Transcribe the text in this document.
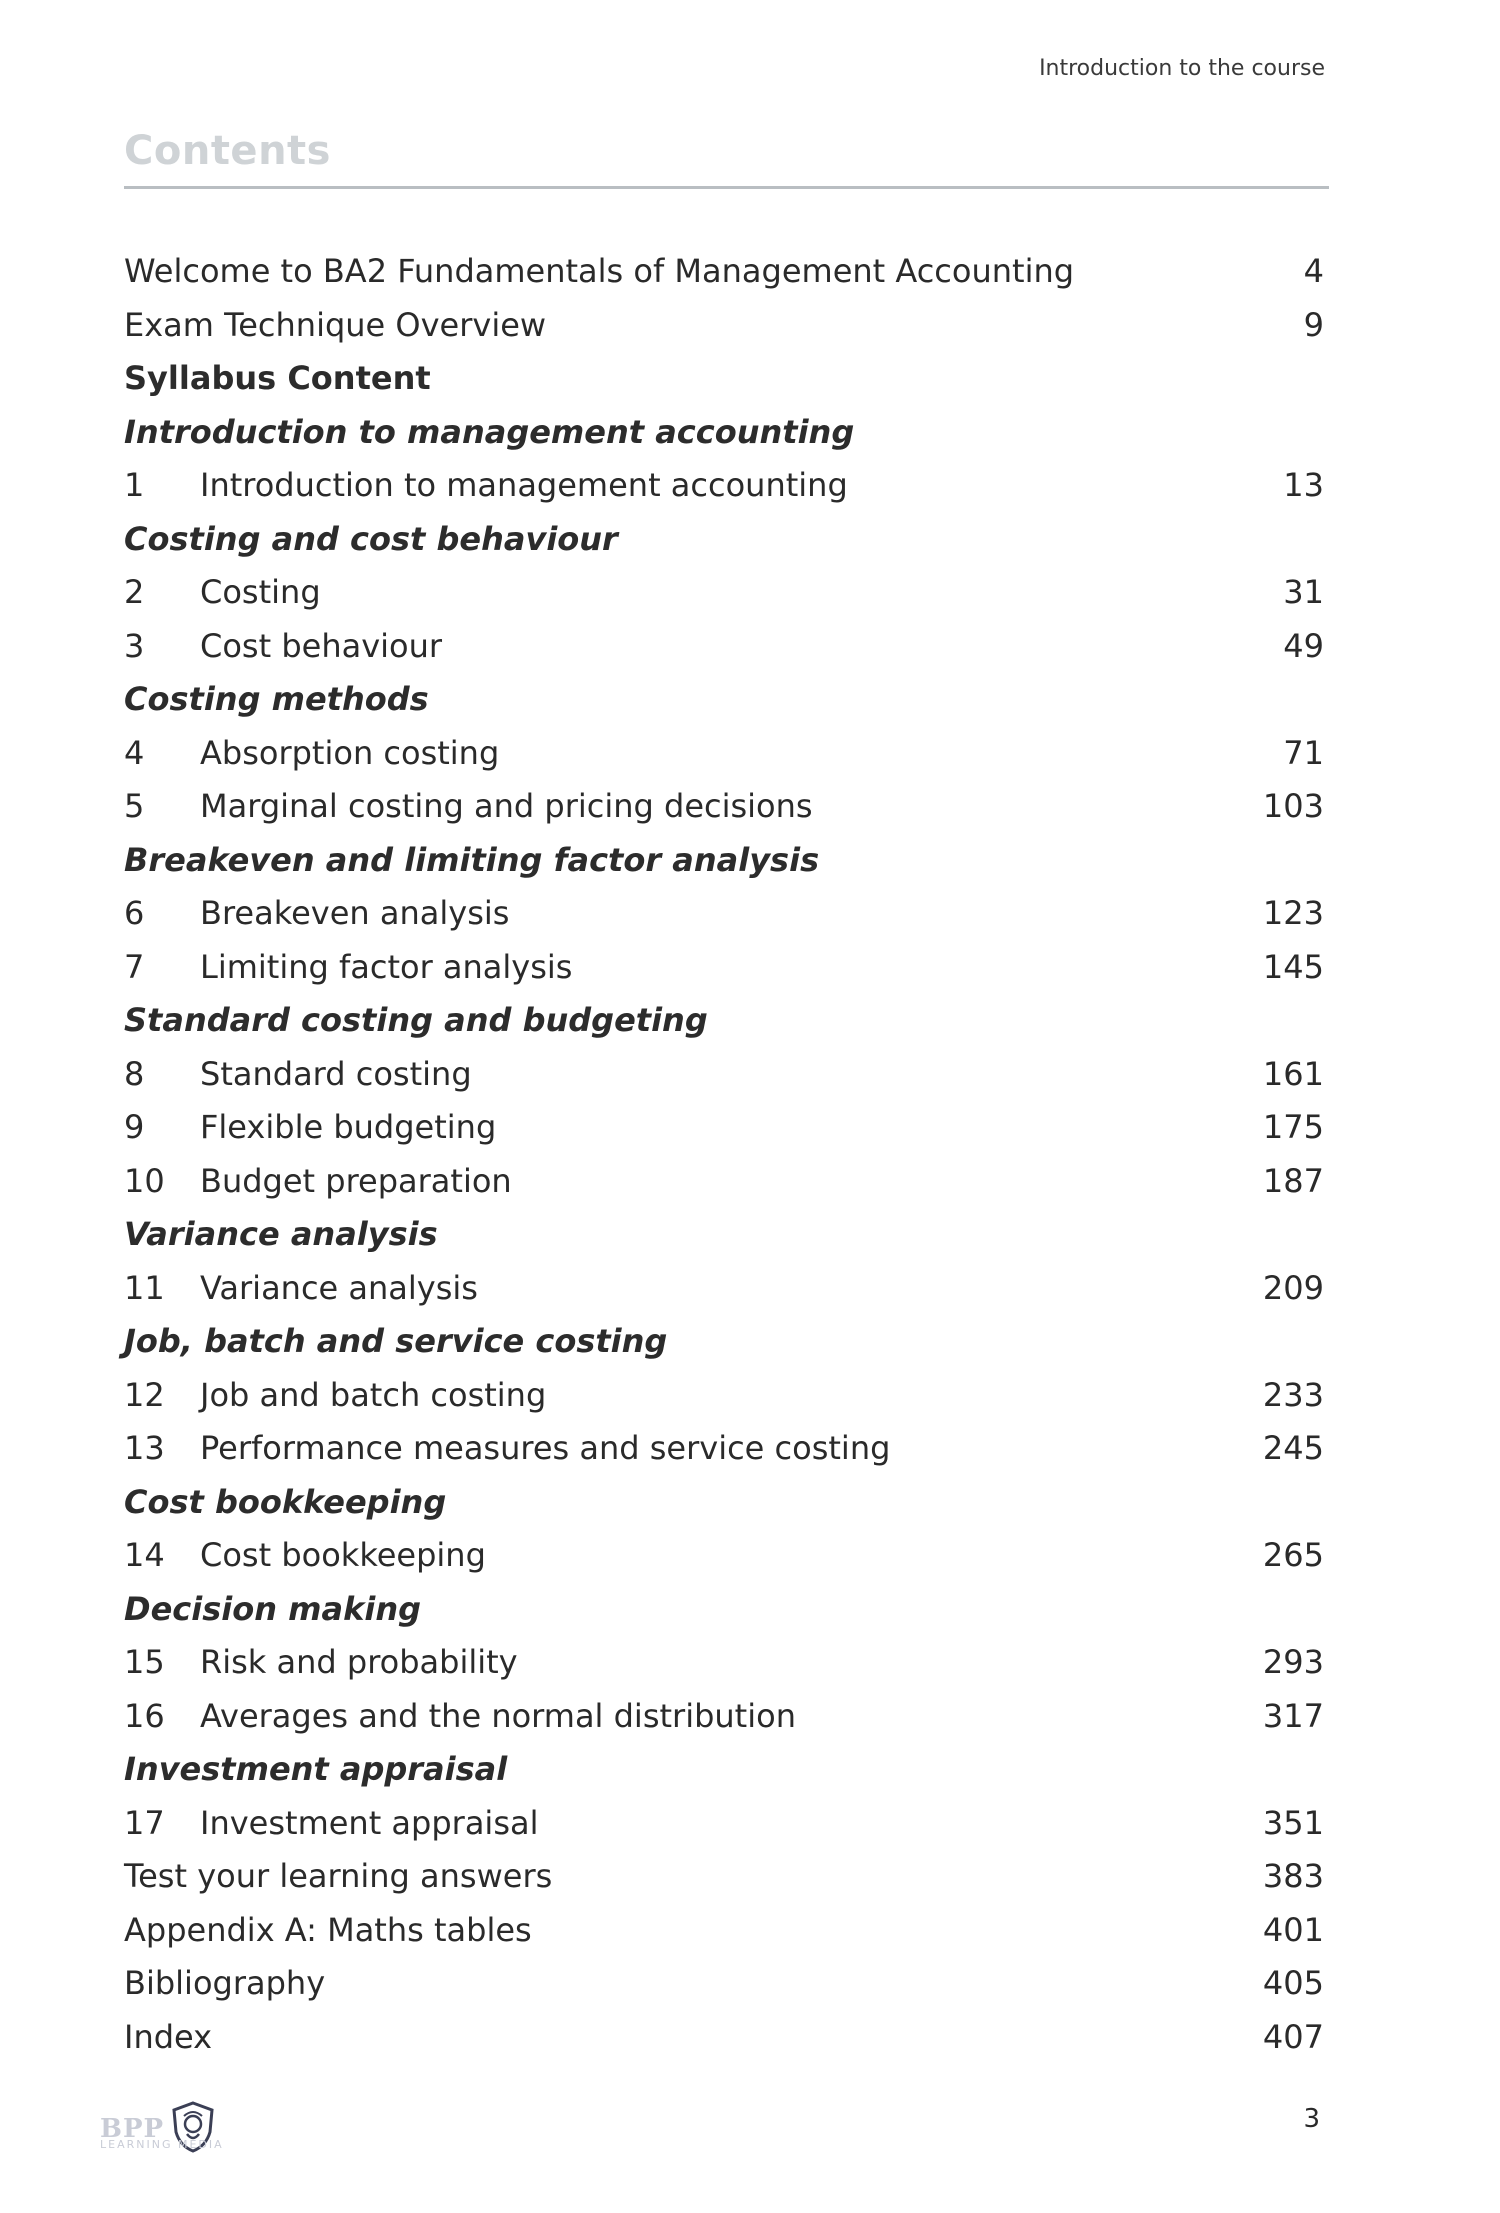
Introduction to the course
Contents
Welcome to BA2 Fundamentals of Management Accounting	4
Exam Technique Overview	9
Syllabus Content
Introduction to management accounting
1	Introduction to management accounting	13
Costing and cost behaviour
2	Costing	31
3	Cost behaviour	49
Costing methods
4	Absorption costing	71
5	Marginal costing and pricing decisions	103
Breakeven and limiting factor analysis
6	Breakeven analysis	123
7	Limiting factor analysis	145
Standard costing and budgeting
8	Standard costing	161
9	Flexible budgeting	175
10	Budget preparation	187
Variance analysis
11	Variance analysis	209
Job, batch and service costing
12	Job and batch costing	233
13	Performance measures and service costing	245
Cost bookkeeping
14	Cost bookkeeping	265
Decision making
15	Risk and probability	293
16	Averages and the normal distribution	317
Investment appraisal
17	Investment appraisal	351
Test your learning answers	383
Appendix A: Maths tables	401
Bibliography	405
Index	407
BPP
LEARNING MEDIA
3
